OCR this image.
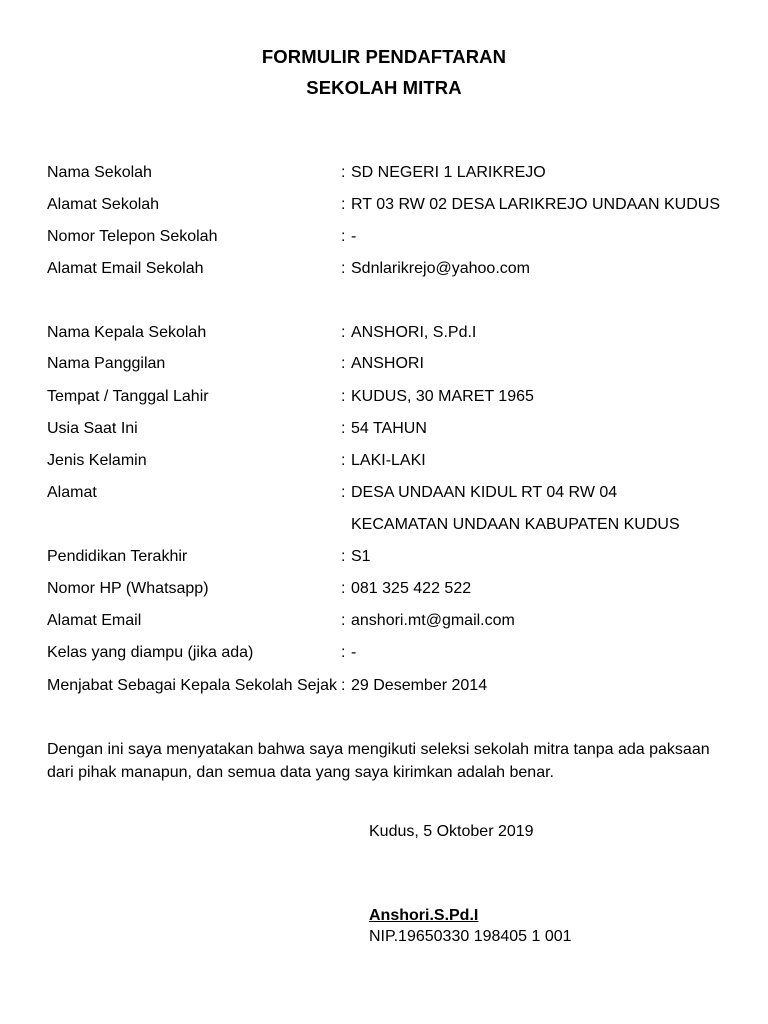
FORMULIR PENDAFTARAN
SEKOLAH MITRA
Nama Sekolah	: SD NEGERI 1 LARIKREJO
Alamat Sekolah	: RT 03 RW 02 DESA LARIKREJO UNDAAN KUDUS
Nomor Telepon Sekolah	: -
Alamat Email Sekolah	: Sdnlarikrejo@yahoo.com
Nama Kepala Sekolah	: ANSHORI, S.Pd.I
Nama Panggilan	: ANSHORI
Tempat / Tanggal Lahir	: KUDUS, 30 MARET 1965
Usia Saat Ini	: 54 TAHUN
Jenis Kelamin	: LAKI-LAKI
Alamat	: DESA UNDAAN KIDUL RT 04 RW 04
KECAMATAN UNDAAN KABUPATEN KUDUS
Pendidikan Terakhir	: S1
Nomor HP (Whatsapp)	: 081 325 422 522
Alamat Email	: anshori.mt@gmail.com
Kelas yang diampu (jika ada)	: -
Menjabat Sebagai Kepala Sekolah Sejak : 29 Desember 2014
Dengan ini saya menyatakan bahwa saya mengikuti seleksi sekolah mitra tanpa ada paksaan dari pihak manapun, dan semua data yang saya kirimkan adalah benar.
Kudus, 5 Oktober 2019
Anshori.S.Pd.I
NIP.19650330 198405 1 001
